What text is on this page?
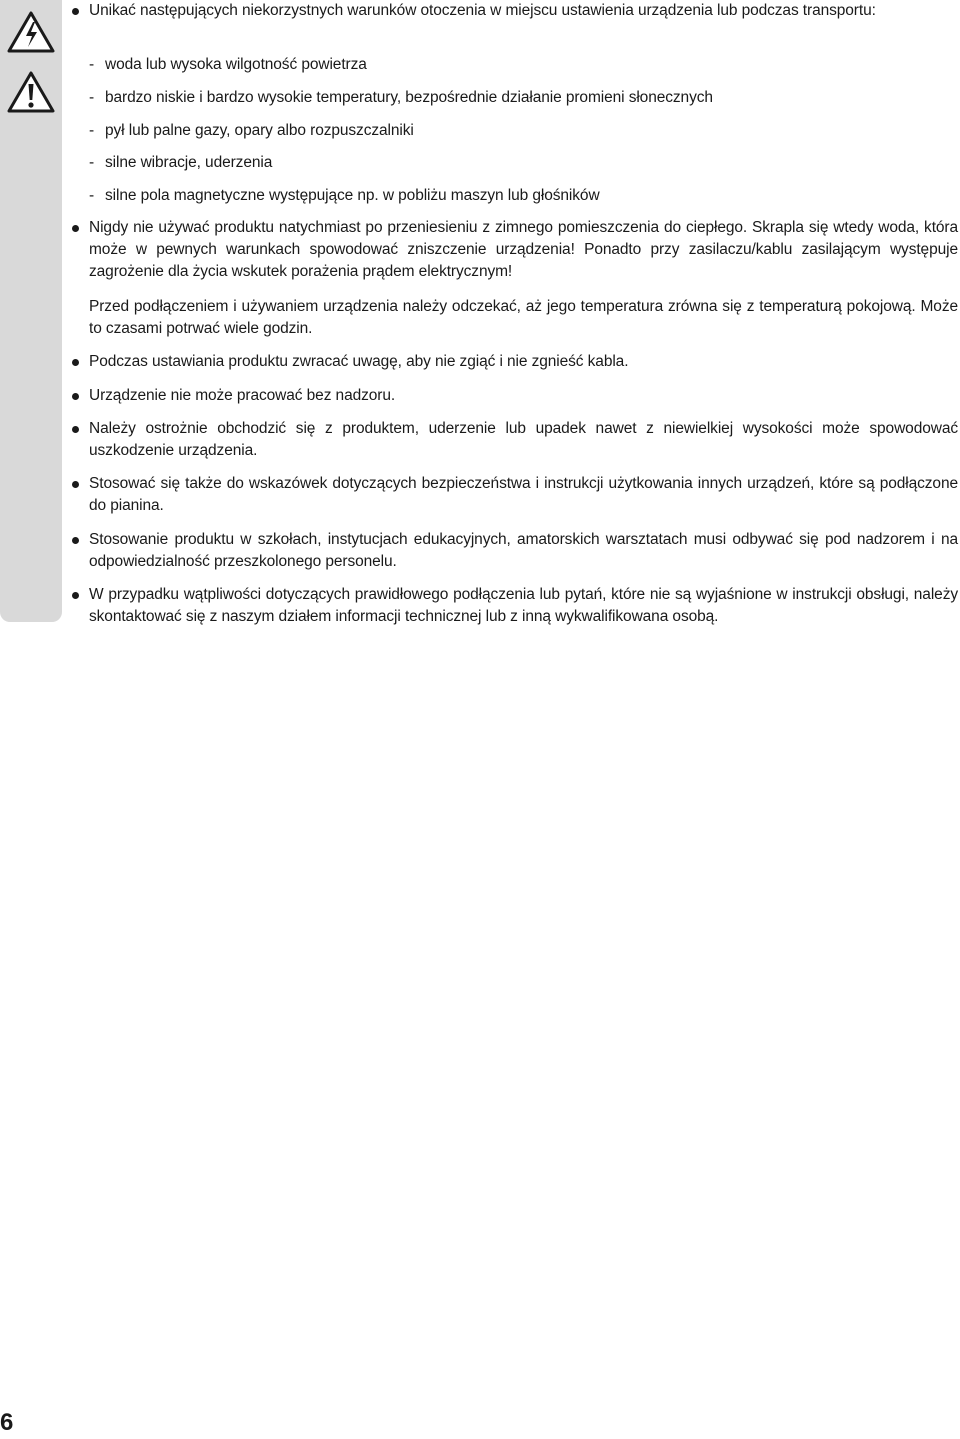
Unikać następujących niekorzystnych warunków otoczenia w miejscu ustawienia urządzenia lub podczas transportu:

- woda lub wysoka wilgotność powietrza

- bardzo niskie i bardzo wysokie temperatury, bezpośrednie działanie promieni słonecznych

- pył lub palne gazy, opary albo rozpuszczalniki

- silne wibracje, uderzenia

- silne pola magnetyczne występujące np. w pobliżu maszyn lub głośników

Nigdy nie używać produktu natychmiast po przeniesieniu z zimnego pomieszczenia do ciepłego. Skrapla się wtedy woda, która może w pewnych warunkach spowodować zniszczenie urządzenia! Ponadto przy zasilaczu/kablu zasilającym występuje zagrożenie dla życia wskutek porażenia prądem elektrycznym!

Przed podłączeniem i używaniem urządzenia należy odczekać, aż jego temperatura zrówna się z temperaturą pokojową. Może to czasami potrwać wiele godzin.

Podczas ustawiania produktu zwracać uwagę, aby nie zgiąć i nie zgnieść kabla.

Urządzenie nie może pracować bez nadzoru.

Należy ostrożnie obchodzić się z produktem, uderzenie lub upadek nawet z niewielkiej wysokości może spowodować uszkodzenie urządzenia.

Stosować się także do wskazówek dotyczących bezpieczeństwa i instrukcji użytkowania innych urządzeń, które są podłączone do pianina.

Stosowanie produktu w szkołach, instytucjach edukacyjnych, amatorskich warsztatach musi odbywać się pod nadzorem i na odpowiedzialność przeszkolonego personelu.

W przypadku wątpliwości dotyczących prawidłowego podłączenia lub pytań, które nie są wyjaśnione w instrukcji obsługi, należy skontaktować się z naszym działem informacji technicznej lub z inną wykwalifikowana osobą.

6
